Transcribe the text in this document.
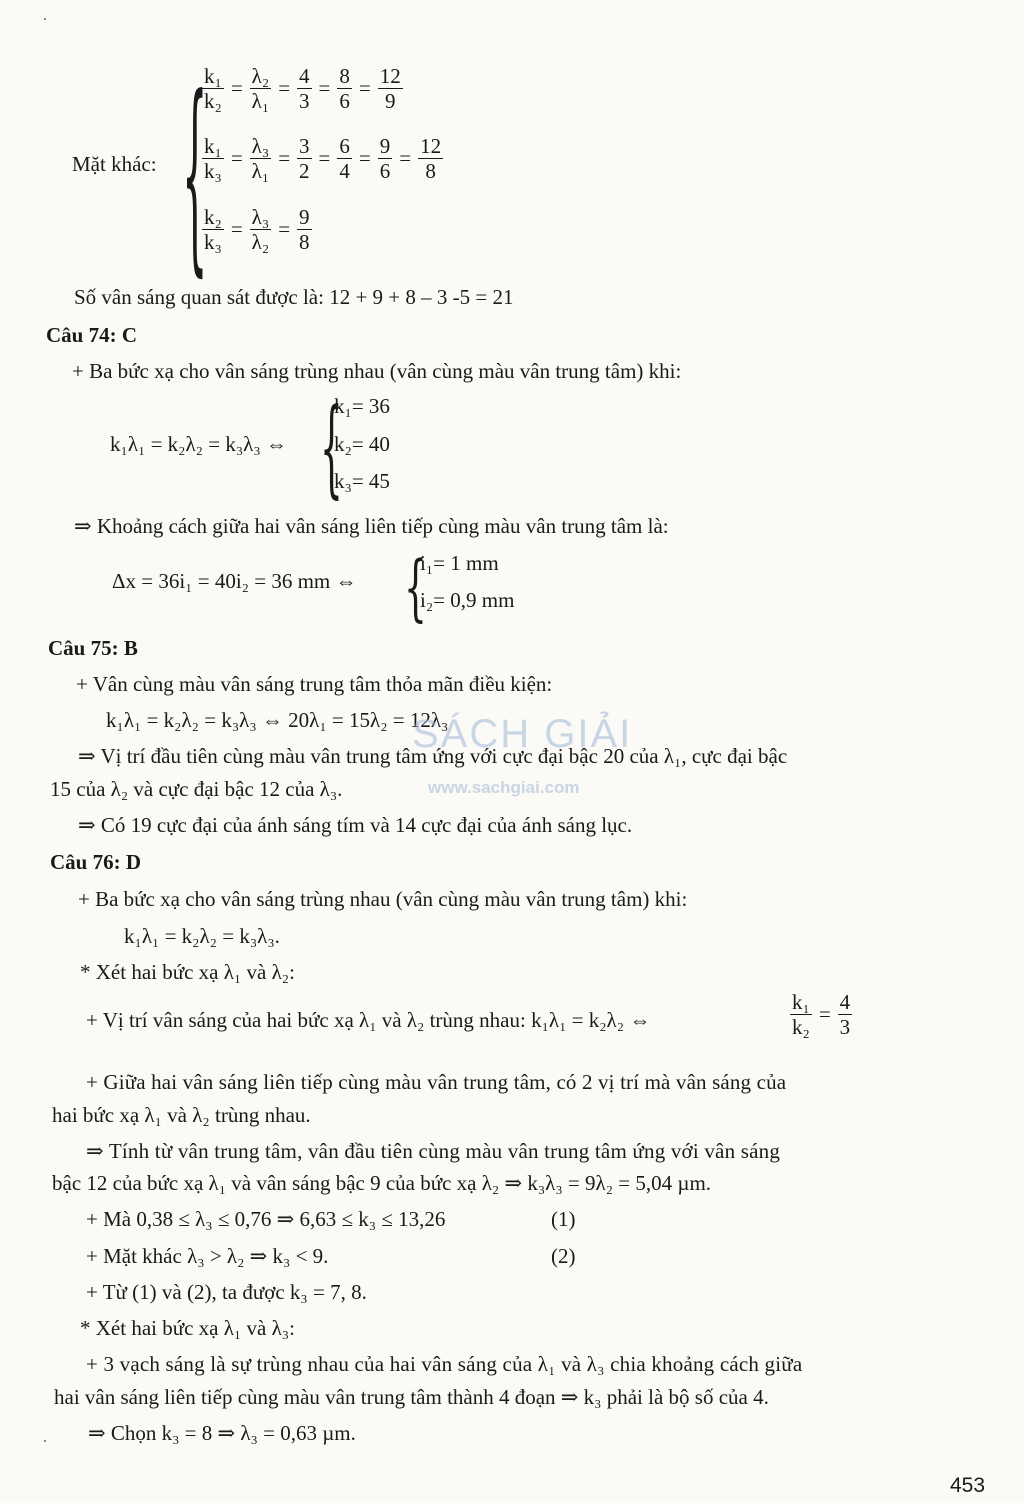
Mặt khác: {
$\frac{\text{k₁}}{\text{k₂}} = \frac{\text{λ₂}}{\text{λ₁}} = \frac{4}{3} = \frac{8}{6} = \frac{12}{9}$
$\frac{\text{k₁}}{\text{k₃}} = \frac{\text{λ₃}}{\text{λ₁}} = \frac{3}{2} = \frac{6}{4} = \frac{9}{6} = \frac{12}{8}$
$\frac{\text{k₂}}{\text{k₃}} = \frac{\text{λ₃}}{\text{λ₂}} = \frac{9}{8}$
Số vân sáng quan sát được là: 12 + 9 + 8 – 3 -5 = 21
Câu 74: C
+ Ba bức xạ cho vân sáng trùng nhau (vân cùng màu vân trung tâm) khi:
k₁λ₁ = k₂λ₂ = k₃λ₃ ⇔ {
k₁= 36
k₂= 40
k₃= 45
⇒ Khoảng cách giữa hai vân sáng liên tiếp cùng màu vân trung tâm là:
Δx = 36i₁ = 40i₂ = 36 mm ⇔ {
i₁= 1 mm
i₂= 0,9 mm
Câu 75: B
+ Vân cùng màu vân sáng trung tâm thỏa mãn điều kiện:
k₁λ₁ = k₂λ₂ = k₃λ₃ ⇔ 20λ₁ = 15λ₂ = 12λ₃
⇒ Vị trí đầu tiên cùng màu vân trung tâm ứng với cực đại bậc 20 của λ₁, cực đại bậc
15 của λ₂ và cực đại bậc 12 của λ₃.
⇒ Có 19 cực đại của ánh sáng tím và 14 cực đại của ánh sáng lục.
SÁCH GIẢI
www.sachgiai.com
Câu 76: D
+ Ba bức xạ cho vân sáng trùng nhau (vân cùng màu vân trung tâm) khi:
k₁λ₁ = k₂λ₂ = k₃λ₃.
* Xét hai bức xạ λ₁ và λ₂:
+ Vị trí vân sáng của hai bức xạ λ₁ và λ₂ trùng nhau: k₁λ₁ = k₂λ₂ ⇔	$\frac{\text{k₁}}{\text{k₂}} = \frac{4}{3}$
+ Giữa hai vân sáng liên tiếp cùng màu vân trung tâm, có 2 vị trí mà vân sáng của
hai bức xạ λ₁ và λ₂ trùng nhau.
⇒ Tính từ vân trung tâm, vân đầu tiên cùng màu vân trung tâm ứng với vân sáng
bậc 12 của bức xạ λ₁ và vân sáng bậc 9 của bức xạ λ₂ ⇒ k₃λ₃ = 9λ₂ = 5,04 µm.
+ Mà 0,38 ≤ λ₃ ≤ 0,76 ⇒ 6,63 ≤ k₃ ≤ 13,26	(1)
+ Mặt khác λ₃ > λ₂ ⇒ k₃ < 9.	(2)
+ Từ (1) và (2), ta được k₃ = 7, 8.
* Xét hai bức xạ λ₁ và λ₃:
+ 3 vạch sáng là sự trùng nhau của hai vân sáng của λ₁ và λ₃ chia khoảng cách giữa
hai vân sáng liên tiếp cùng màu vân trung tâm thành 4 đoạn ⇒ k₃ phải là bộ số của 4.
⇒ Chọn k₃ = 8 ⇒ λ₃ = 0,63 µm.
453
